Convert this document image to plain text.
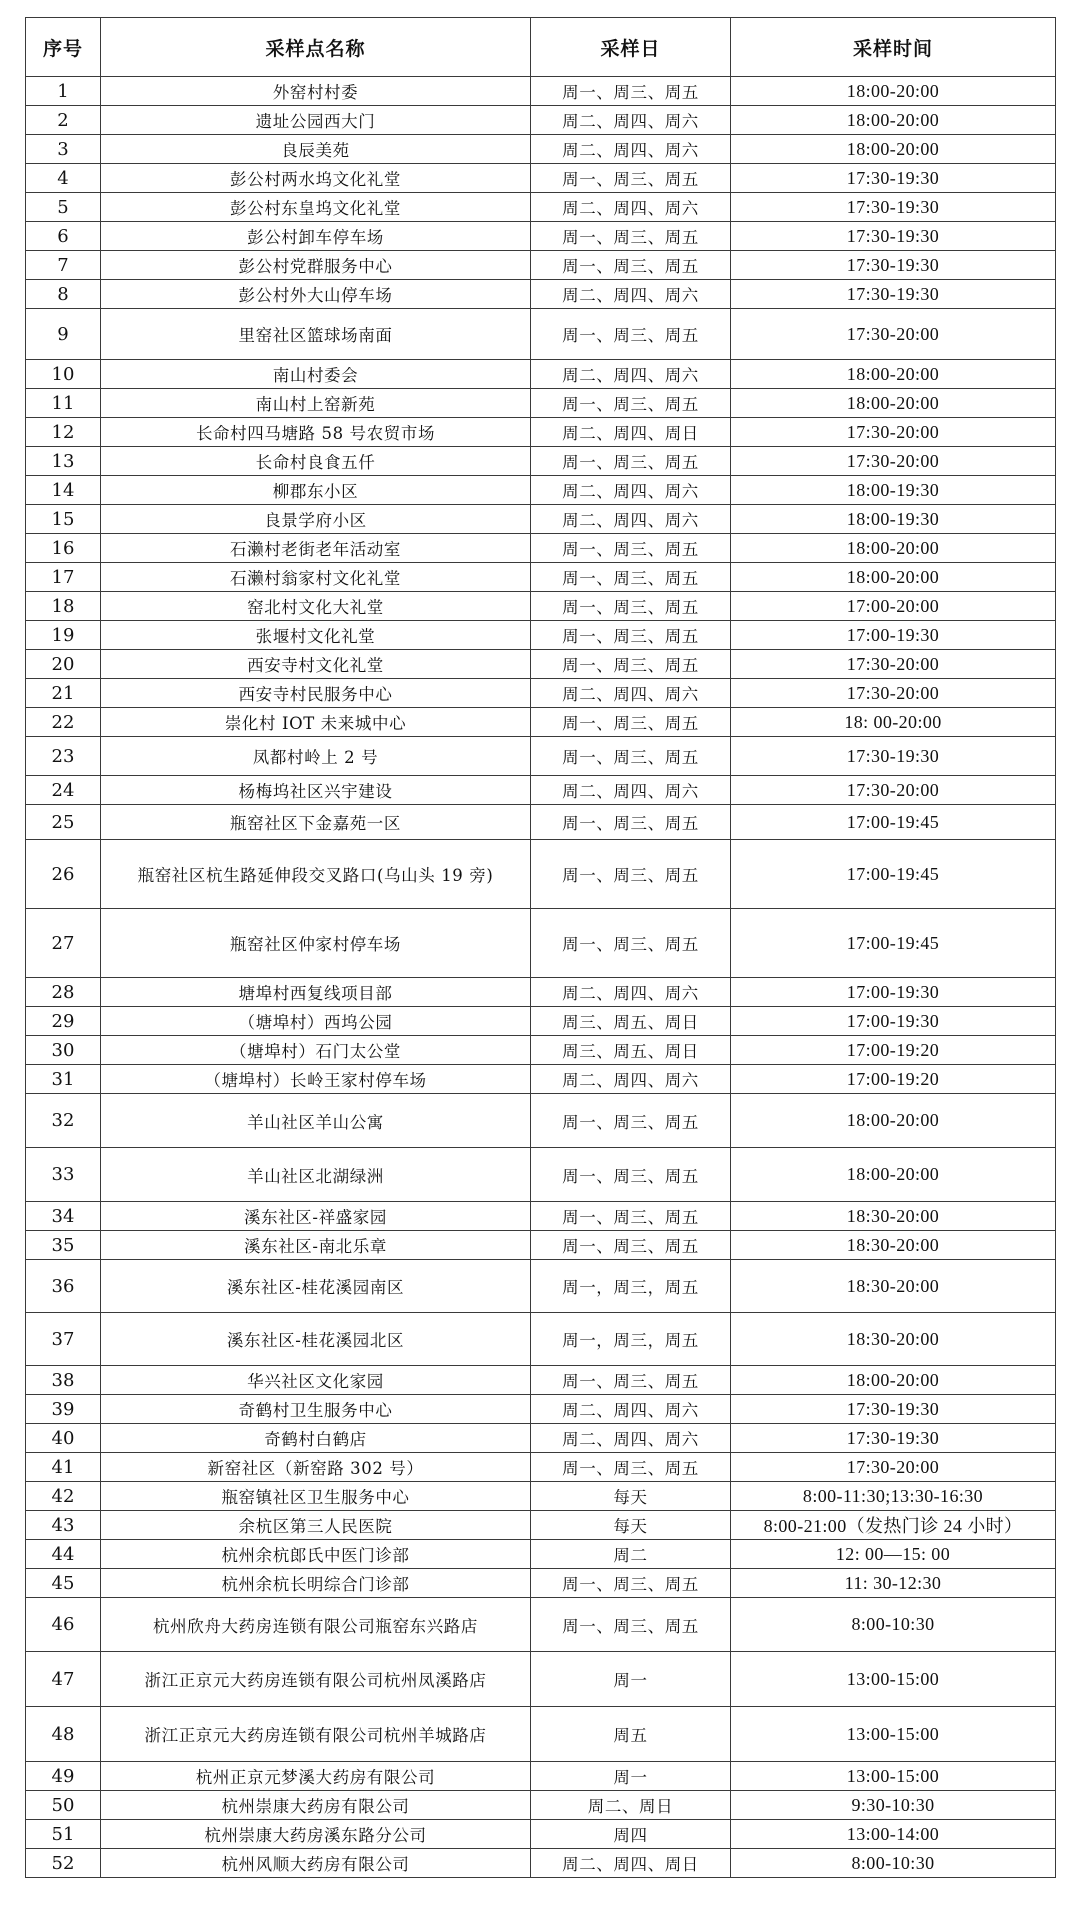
序号	采样点名称	采样日	采样时间
1	外窑村村委	周一、周三、周五	18:00-20:00
2	遗址公园西大门	周二、周四、周六	18:00-20:00
3	良辰美苑	周二、周四、周六	18:00-20:00
4	彭公村两水坞文化礼堂	周一、周三、周五	17:30-19:30
5	彭公村东皇坞文化礼堂	周二、周四、周六	17:30-19:30
6	彭公村卸车停车场	周一、周三、周五	17:30-19:30
7	彭公村党群服务中心	周一、周三、周五	17:30-19:30
8	彭公村外大山停车场	周二、周四、周六	17:30-19:30
9	里窑社区篮球场南面	周一、周三、周五	17:30-20:00
10	南山村委会	周二、周四、周六	18:00-20:00
11	南山村上窑新苑	周一、周三、周五	18:00-20:00
12	长命村四马塘路 58 号农贸市场	周二、周四、周日	17:30-20:00
13	长命村良食五仟	周一、周三、周五	17:30-20:00
14	柳郡东小区	周二、周四、周六	18:00-19:30
15	良景学府小区	周二、周四、周六	18:00-19:30
16	石濑村老街老年活动室	周一、周三、周五	18:00-20:00
17	石濑村翁家村文化礼堂	周一、周三、周五	18:00-20:00
18	窑北村文化大礼堂	周一、周三、周五	17:00-20:00
19	张堰村文化礼堂	周一、周三、周五	17:00-19:30
20	西安寺村文化礼堂	周一、周三、周五	17:30-20:00
21	西安寺村民服务中心	周二、周四、周六	17:30-20:00
22	崇化村 IOT 未来城中心	周一、周三、周五	18: 00-20:00
23	凤都村岭上 2 号	周一、周三、周五	17:30-19:30
24	杨梅坞社区兴宇建设	周二、周四、周六	17:30-20:00
25	瓶窑社区下金嘉苑一区	周一、周三、周五	17:00-19:45
26	瓶窑社区杭生路延伸段交叉路口(乌山头 19 旁)	周一、周三、周五	17:00-19:45
27	瓶窑社区仲家村停车场	周一、周三、周五	17:00-19:45
28	塘埠村西复线项目部	周二、周四、周六	17:00-19:30
29	（塘埠村）西坞公园	周三、周五、周日	17:00-19:30
30	（塘埠村）石门太公堂	周三、周五、周日	17:00-19:20
31	（塘埠村）长岭王家村停车场	周二、周四、周六	17:00-19:20
32	羊山社区羊山公寓	周一、周三、周五	18:00-20:00
33	羊山社区北湖绿洲	周一、周三、周五	18:00-20:00
34	溪东社区-祥盛家园	周一、周三、周五	18:30-20:00
35	溪东社区-南北乐章	周一、周三、周五	18:30-20:00
36	溪东社区-桂花溪园南区	周一，周三，周五	18:30-20:00
37	溪东社区-桂花溪园北区	周一，周三，周五	18:30-20:00
38	华兴社区文化家园	周一、周三、周五	18:00-20:00
39	奇鹤村卫生服务中心	周二、周四、周六	17:30-19:30
40	奇鹤村白鹤店	周二、周四、周六	17:30-19:30
41	新窑社区（新窑路 302 号）	周一、周三、周五	17:30-20:00
42	瓶窑镇社区卫生服务中心	每天	8:00-11:30;13:30-16:30
43	余杭区第三人民医院	每天	8:00-21:00（发热门诊 24 小时）
44	杭州余杭郎氏中医门诊部	周二	12: 00—15: 00
45	杭州余杭长明综合门诊部	周一、周三、周五	11: 30-12:30
46	杭州欣舟大药房连锁有限公司瓶窑东兴路店	周一、周三、周五	8:00-10:30
47	浙江正京元大药房连锁有限公司杭州凤溪路店	周一	13:00-15:00
48	浙江正京元大药房连锁有限公司杭州羊城路店	周五	13:00-15:00
49	杭州正京元梦溪大药房有限公司	周一	13:00-15:00
50	杭州崇康大药房有限公司	周二、周日	9:30-10:30
51	杭州崇康大药房溪东路分公司	周四	13:00-14:00
52	杭州风顺大药房有限公司	周二、周四、周日	8:00-10:30
